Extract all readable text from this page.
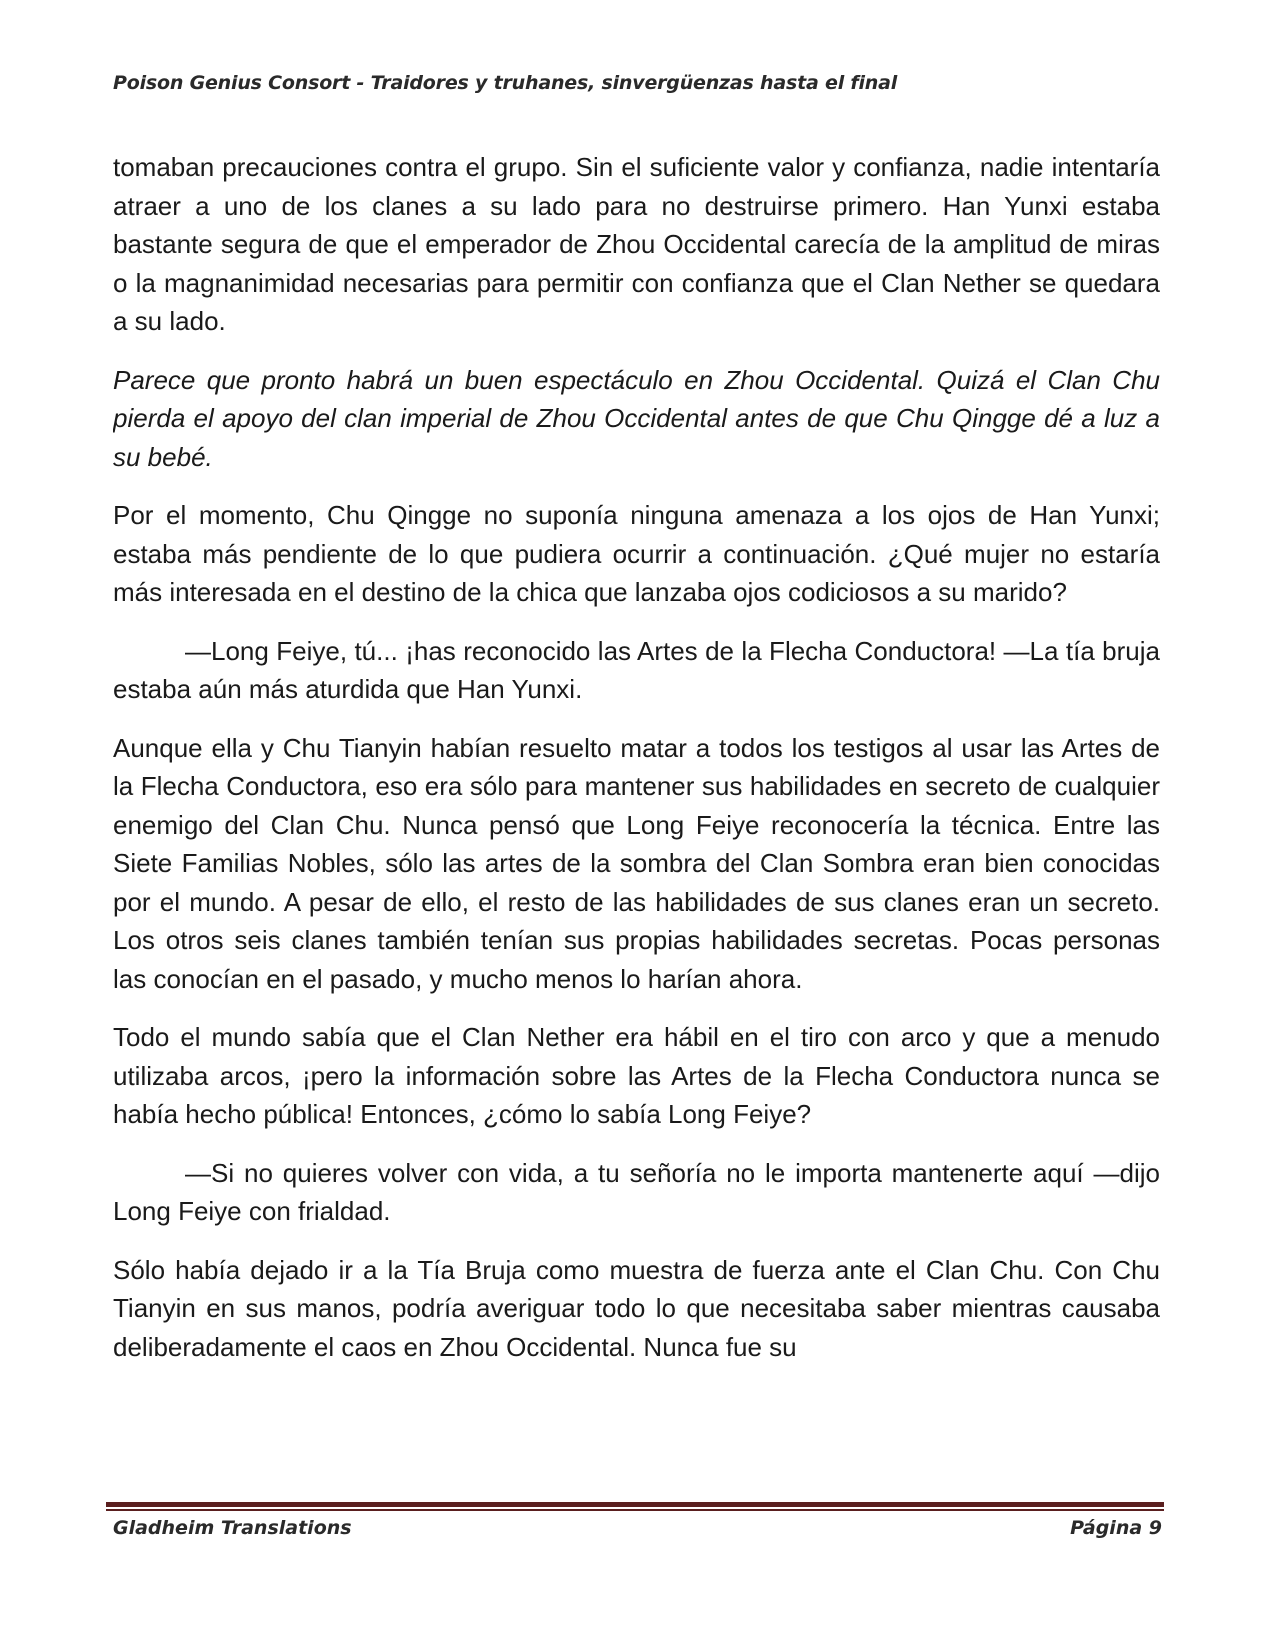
Poison Genius Consort - Traidores y truhanes, sinvergüenzas hasta el final

tomaban precauciones contra el grupo. Sin el suficiente valor y confianza, nadie intentaría atraer a uno de los clanes a su lado para no destruirse primero. Han Yunxi estaba bastante segura de que el emperador de Zhou Occidental carecía de la amplitud de miras o la magnanimidad necesarias para permitir con confianza que el Clan Nether se quedara a su lado.

Parece que pronto habrá un buen espectáculo en Zhou Occidental. Quizá el Clan Chu pierda el apoyo del clan imperial de Zhou Occidental antes de que Chu Qingge dé a luz a su bebé.

Por el momento, Chu Qingge no suponía ninguna amenaza a los ojos de Han Yunxi; estaba más pendiente de lo que pudiera ocurrir a continuación. ¿Qué mujer no estaría más interesada en el destino de la chica que lanzaba ojos codiciosos a su marido?

—Long Feiye, tú... ¡has reconocido las Artes de la Flecha Conductora! —La tía bruja estaba aún más aturdida que Han Yunxi.

Aunque ella y Chu Tianyin habían resuelto matar a todos los testigos al usar las Artes de la Flecha Conductora, eso era sólo para mantener sus habilidades en secreto de cualquier enemigo del Clan Chu. Nunca pensó que Long Feiye reconocería la técnica. Entre las Siete Familias Nobles, sólo las artes de la sombra del Clan Sombra eran bien conocidas por el mundo. A pesar de ello, el resto de las habilidades de sus clanes eran un secreto. Los otros seis clanes también tenían sus propias habilidades secretas. Pocas personas las conocían en el pasado, y mucho menos lo harían ahora.

Todo el mundo sabía que el Clan Nether era hábil en el tiro con arco y que a menudo utilizaba arcos, ¡pero la información sobre las Artes de la Flecha Conductora nunca se había hecho pública! Entonces, ¿cómo lo sabía Long Feiye?

—Si no quieres volver con vida, a tu señoría no le importa mantenerte aquí —dijo Long Feiye con frialdad.

Sólo había dejado ir a la Tía Bruja como muestra de fuerza ante el Clan Chu. Con Chu Tianyin en sus manos, podría averiguar todo lo que necesitaba saber mientras causaba deliberadamente el caos en Zhou Occidental. Nunca fue su

Gladheim Translations	Página 9
